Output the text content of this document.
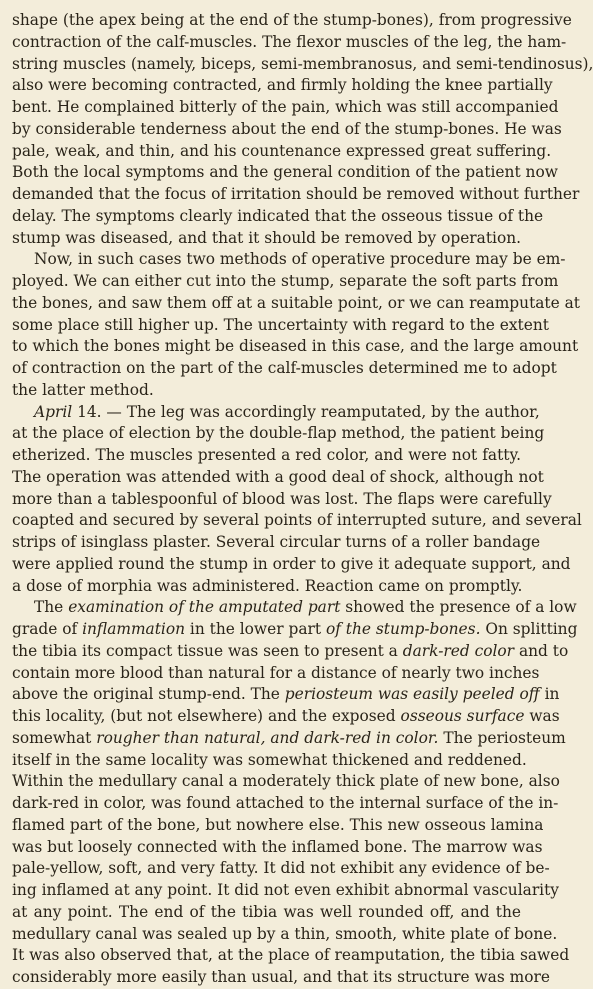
shape (the apex being at the end of the stump-bones), from progressive
contraction of the calf-muscles. The flexor muscles of the leg, the ham-
string muscles (namely, biceps, semi-membranosus, and semi-tendinosus),
also were becoming contracted, and firmly holding the knee partially
bent. He complained bitterly of the pain, which was still accompanied
by considerable tenderness about the end of the stump-bones. He was
pale, weak, and thin, and his countenance expressed great suffering.
Both the local symptoms and the general condition of the patient now
demanded that the focus of irritation should be removed without further
delay. The symptoms clearly indicated that the osseous tissue of the
stump was diseased, and that it should be removed by operation.

Now, in such cases two methods of operative procedure may be em-
ployed. We can either cut into the stump, separate the soft parts from
the bones, and saw them off at a suitable point, or we can reamputate at
some place still higher up. The uncertainty with regard to the extent
to which the bones might be diseased in this case, and the large amount
of contraction on the part of the calf-muscles determined me to adopt
the latter method.

April 14. — The leg was accordingly reamputated, by the author,
at the place of election by the double-flap method, the patient being
etherized. The muscles presented a red color, and were not fatty.
The operation was attended with a good deal of shock, although not
more than a tablespoonful of blood was lost. The flaps were carefully
coapted and secured by several points of interrupted suture, and several
strips of isinglass plaster. Several circular turns of a roller bandage
were applied round the stump in order to give it adequate support, and
a dose of morphia was administered. Reaction came on promptly.

The examination of the amputated part showed the presence of a low
grade of inflammation in the lower part of the stump-bones. On splitting
the tibia its compact tissue was seen to present a dark-red color and to
contain more blood than natural for a distance of nearly two inches
above the original stump-end. The periosteum was easily peeled off in
this locality, (but not elsewhere) and the exposed osseous surface was
somewhat rougher than natural, and dark-red in color. The periosteum
itself in the same locality was somewhat thickened and reddened.
Within the medullary canal a moderately thick plate of new bone, also
dark-red in color, was found attached to the internal surface of the in-
flamed part of the bone, but nowhere else. This new osseous lamina
was but loosely connected with the inflamed bone. The marrow was
pale-yellow, soft, and very fatty. It did not exhibit any evidence of be-
ing inflamed at any point. It did not even exhibit abnormal vascularity
at any point. The end of the tibia was well rounded off, and the
medullary canal was sealed up by a thin, smooth, white plate of bone.
It was also observed that, at the place of reamputation, the tibia sawed
considerably more easily than usual, and that its structure was more
